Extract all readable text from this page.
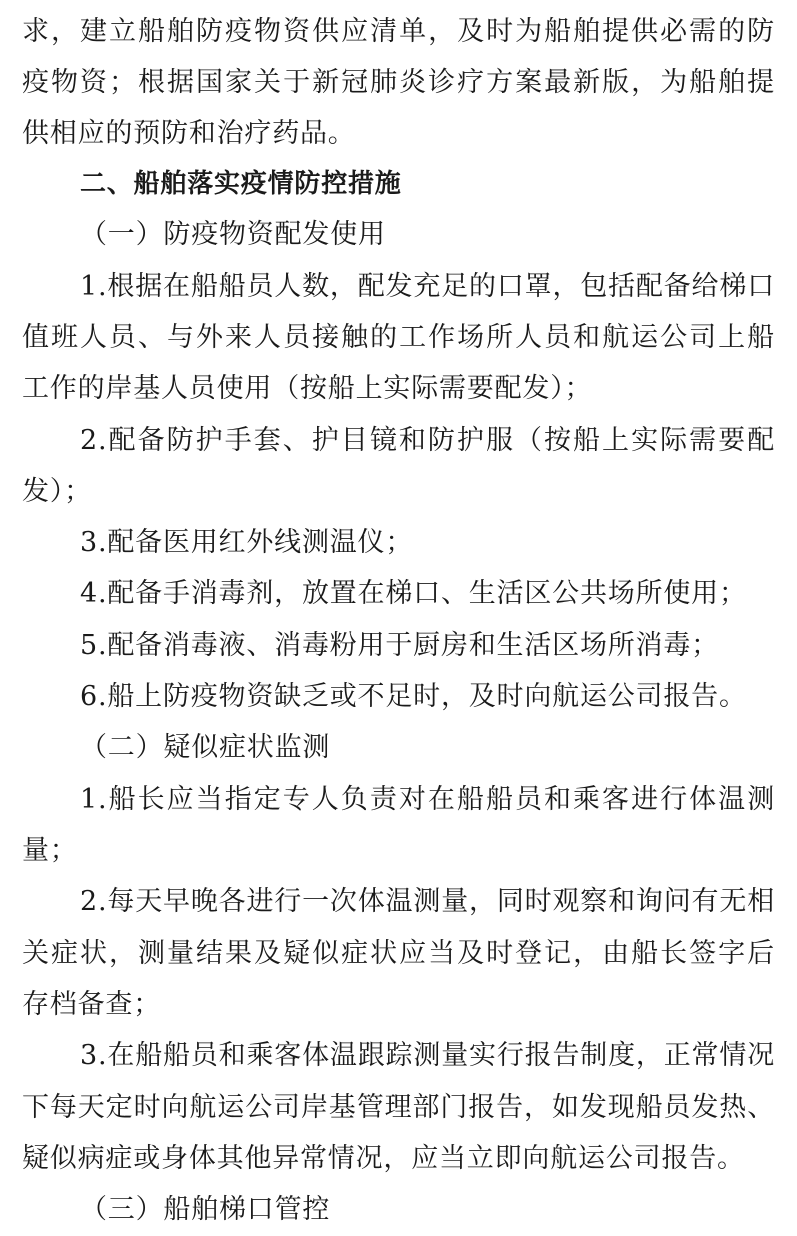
求，建立船舶防疫物资供应清单，及时为船舶提供必需的防
疫物资；根据国家关于新冠肺炎诊疗方案最新版，为船舶提
供相应的预防和治疗药品。
二、船舶落实疫情防控措施
（一）防疫物资配发使用
1.根据在船船员人数，配发充足的口罩，包括配备给梯口
值班人员、与外来人员接触的工作场所人员和航运公司上船
工作的岸基人员使用（按船上实际需要配发）；
2.配备防护手套、护目镜和防护服（按船上实际需要配
发）；
3.配备医用红外线测温仪；
4.配备手消毒剂，放置在梯口、生活区公共场所使用；
5.配备消毒液、消毒粉用于厨房和生活区场所消毒；
6.船上防疫物资缺乏或不足时，及时向航运公司报告。
（二）疑似症状监测
1.船长应当指定专人负责对在船船员和乘客进行体温测
量；
2.每天早晚各进行一次体温测量，同时观察和询问有无相
关症状，测量结果及疑似症状应当及时登记，由船长签字后
存档备查；
3.在船船员和乘客体温跟踪测量实行报告制度，正常情况
下每天定时向航运公司岸基管理部门报告，如发现船员发热、
疑似病症或身体其他异常情况，应当立即向航运公司报告。
（三）船舶梯口管控
